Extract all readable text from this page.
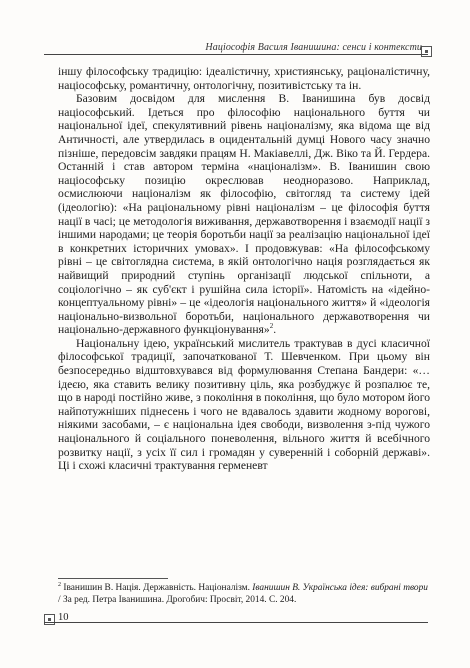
Націософія Василя Іванишина: сенси і контексти

іншу філософську традицію: ідеалістичну, християнську, раціоналістичну, націософську, романтичну, онтологічну, позитивістську та ін.

Базовим досвідом для мислення В. Іванишина був досвід націософський. Ідеться про філософію національного буття чи національної ідеї, спекулятивний рівень націоналізму, яка відома ще від Античності, але утвердилась в оцидентальній думці Нового часу значно пізніше, передовсім завдяки працям Н. Макіавеллі, Дж. Віко та Й. Гердера. Останній і став автором терміна «націоналізм». В. Іванишин свою націософську позицію окреслював неодноразово. Наприклад, осмислюючи націоналізм як філософію, світогляд та систему ідей (ідеологію): «На раціональному рівні націоналізм – це філософія буття нації в часі; це методологія виживання, державотворення і взаємодії нації з іншими народами; це теорія боротьби нації за реалізацію національної ідеї в конкретних історичних умовах». І продовжував: «На філософському рівні – це світоглядна система, в якій онтологічно нація розглядається як найвищий природний ступінь організації людської спільноти, а соціологічно – як суб'єкт і рушійна сила історії». Натомість на «ідейно-концептуальному рівні» – це «ідеологія національного життя» й «ідеологія національно-визвольної боротьби, національного державотворення чи національно-державного функціонування»$^2$.

Національну ідею, український мислитель трактував в дусі класичної філософської традиції, започаткованої Т. Шевченком. При цьому він безпосередньо відштовхувався від формулювання Степана Бандери: «…ідеєю, яка ставить велику позитивну ціль, яка розбуджує й розпалює те, що в народі постійно живе, з покоління в покоління, що було мотором його найпотужніших піднесень і чого не вдавалось здавити жодному ворогові, ніякими засобами, – є національна ідея свободи, визволення з-під чужого національного й соціального поневолення, вільного життя й всебічного розвитку нації, з усіх її сил і громадян у суверенній і соборній державі». Ці і схожі класичні трактування герменевт

$^2$ Іванишин В. Нація. Державність. Націоналізм. Іванишин В. Українська ідея: вибрані твори / За ред. Петра Іванишина. Дрогобич: Просвіт, 2014. С. 204.
10
